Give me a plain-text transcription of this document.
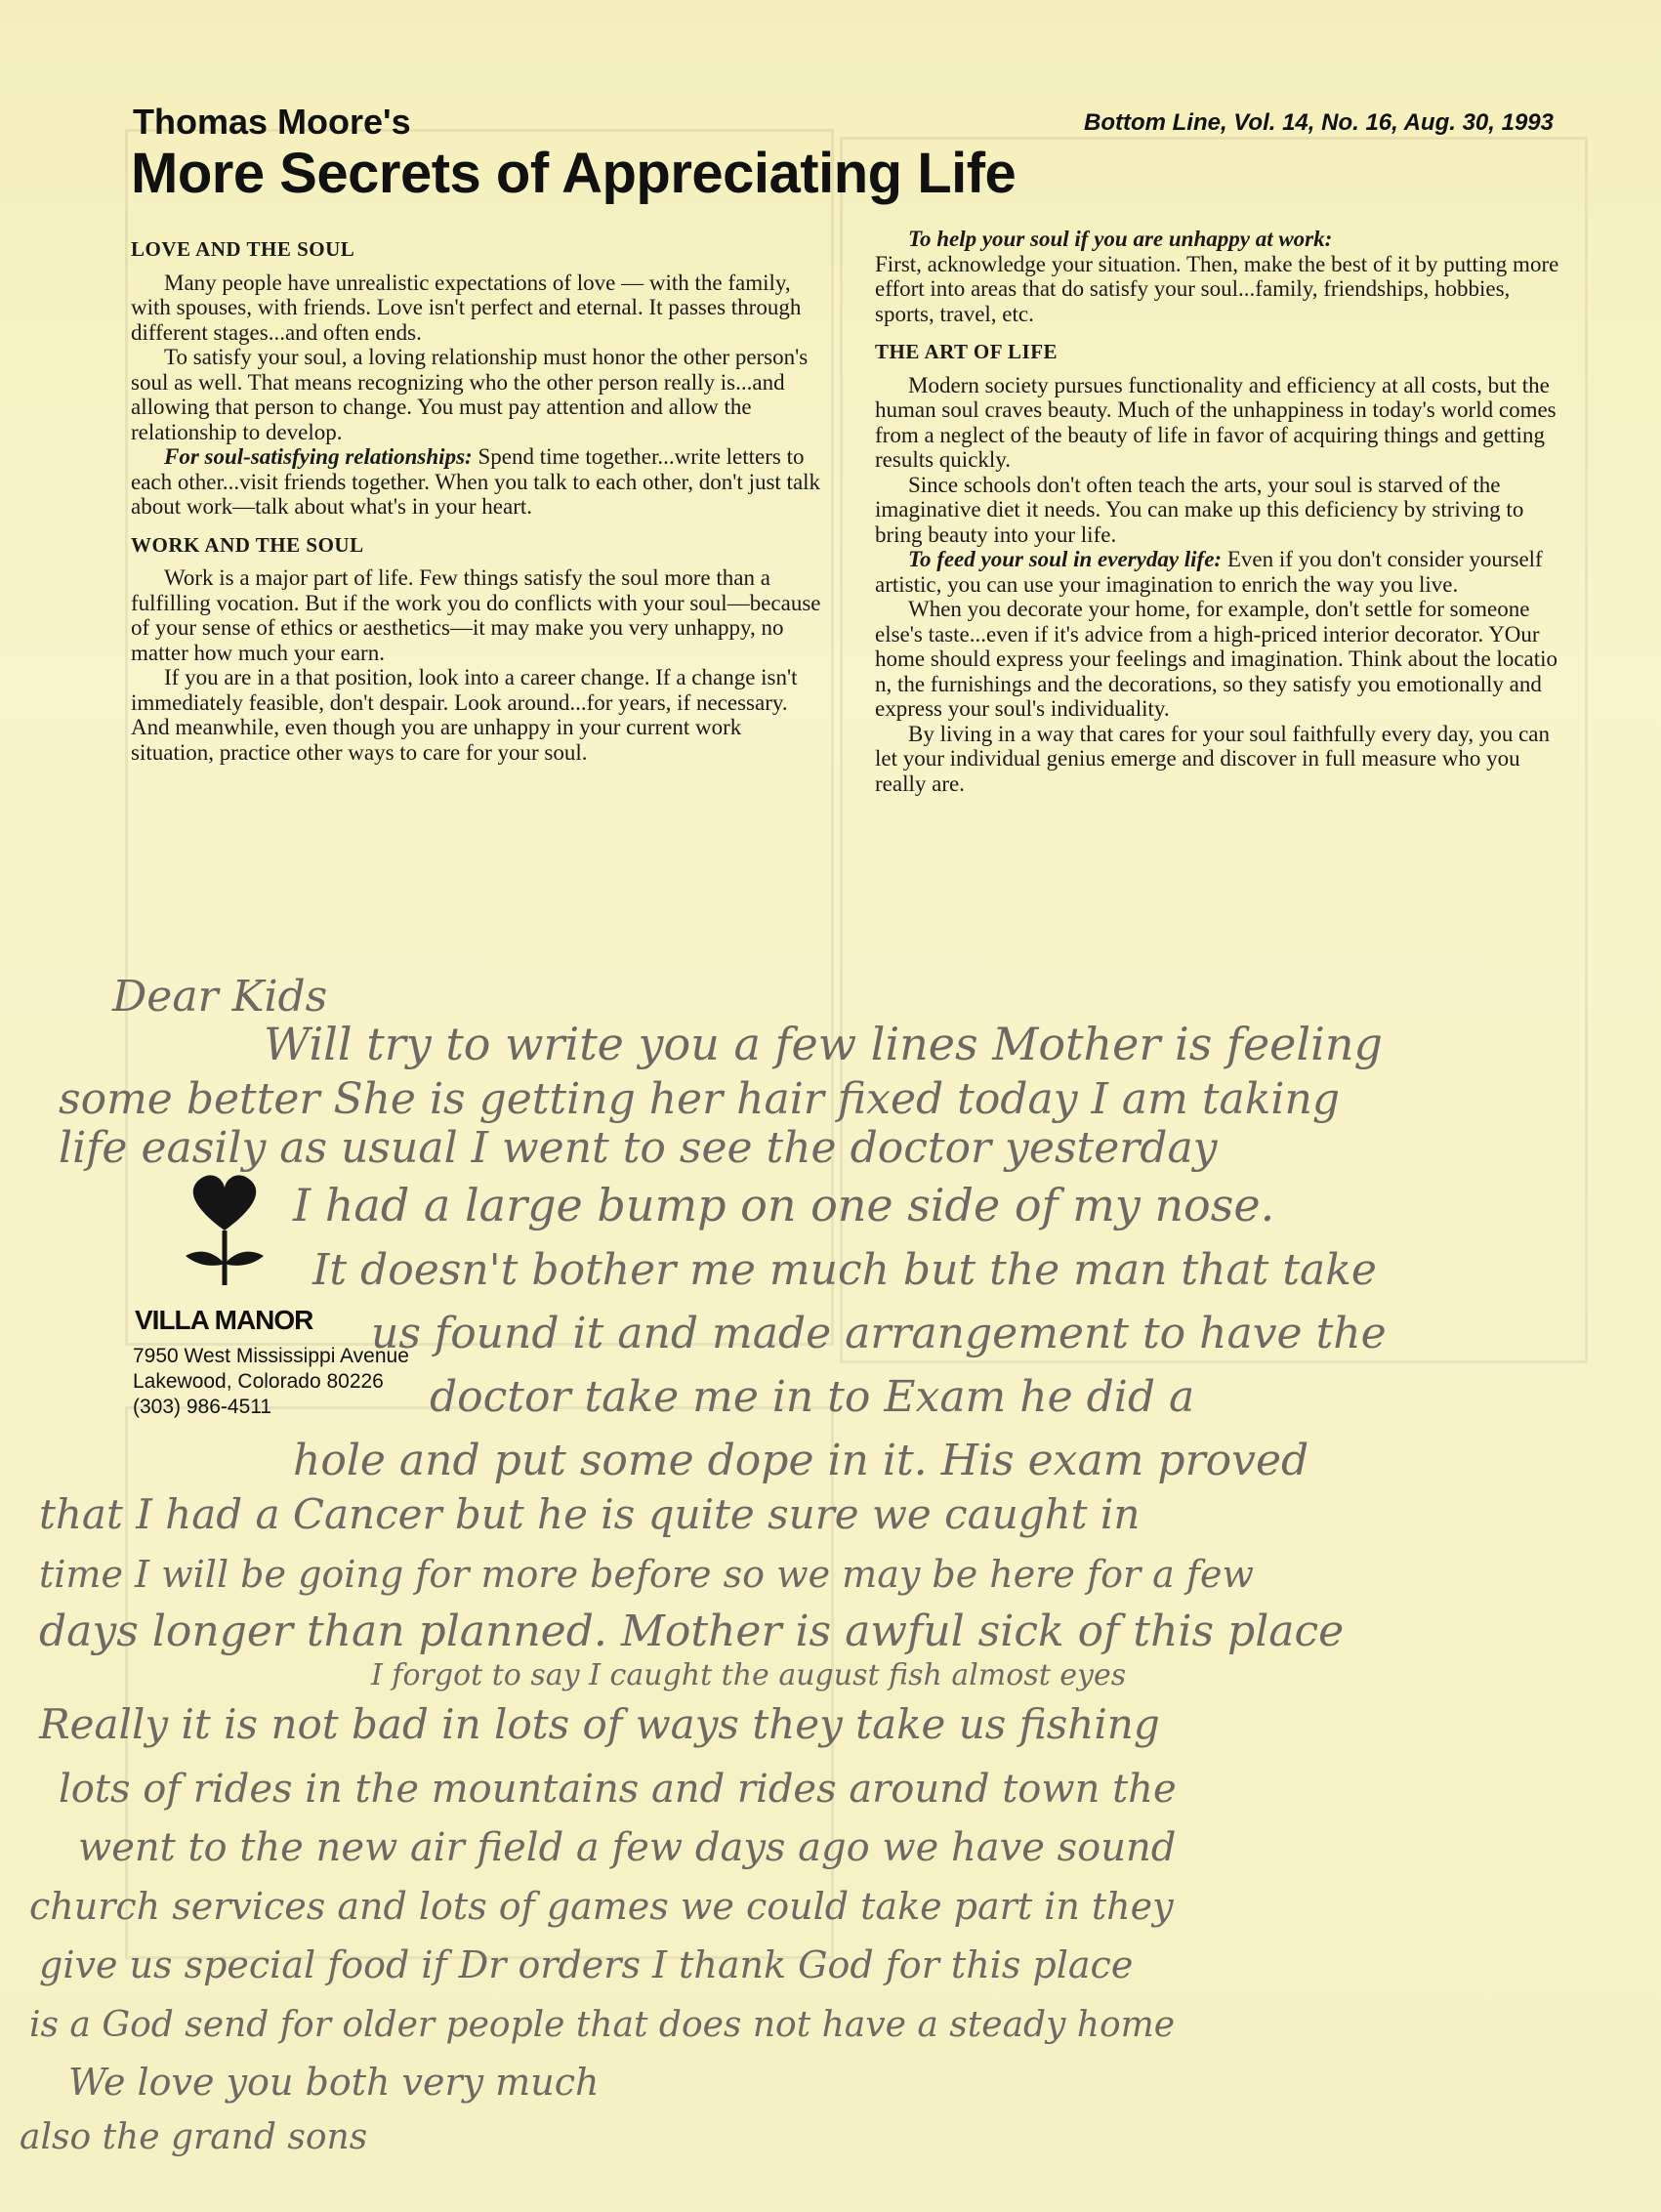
Thomas Moore's	Bottom Line, Vol. 14, No. 16, Aug. 30, 1993
More Secrets of Appreciating Life
LOVE AND THE SOUL

Many people have unrealistic expectations of love — with the family, with spouses, with friends. Love isn't perfect and eternal. It passes through different stages...and often ends.

To satisfy your soul, a loving relationship must honor the other person's soul as well. That means recognizing who the other person really is...and allowing that person to change. You must pay attention and allow the relationship to develop.

For soul-satisfying relationships: Spend time together...write letters to each other...visit friends together. When you talk to each other, don't just talk about work—talk about what's in your heart.

WORK AND THE SOUL

Work is a major part of life. Few things satisfy the soul more than a fulfilling vocation. But if the work you do conflicts with your soul—because of your sense of ethics or aesthetics—it may make you very unhappy, no matter how much your earn.

If you are in a that position, look into a career change. If a change isn't immediately feasible, don't despair. Look around...for years, if necessary. And meanwhile, even though you are unhappy in your current work situation, practice other ways to care for your soul.

To help your soul if you are unhappy at work:

First, acknowledge your situation. Then, make the best of it by putting more effort into areas that do satisfy your soul...family, friendships, hobbies, sports, travel, etc.

THE ART OF LIFE

Modern society pursues functionality and efficiency at all costs, but the human soul craves beauty. Much of the unhappiness in today's world comes from a neglect of the beauty of life in favor of acquiring things and getting results quickly.

Since schools don't often teach the arts, your soul is starved of the imaginative diet it needs. You can make up this deficiency by striving to bring beauty into your life.

To feed your soul in everyday life: Even if you don't consider yourself artistic, you can use your imagination to enrich the way you live.

When you decorate your home, for example, don't settle for someone else's taste...even if it's advice from a high-priced interior decorator. YOur home should express your feelings and imagination. Think about the locatio n, the furnishings and the decorations, so they satisfy you emotionally and express your soul's individuality.

By living in a way that cares for your soul faithfully every day, you can let your individual genius emerge and discover in full measure who you really are.

VILLA MANOR
7950 West Mississippi Avenue
Lakewood, Colorado 80226
(303) 986-4511
Dear Kids
Will try to write you a few lines Mother is feeling
some better She is getting her hair fixed today I am taking
life easily as usual I went to see the doctor yesterday
I had a large bump on one side of my nose.
It doesn't bother me much but the man that take
us found it and made arrangement to have the
doctor take me in to Exam he did a
hole and put some dope in it. His exam proved
that I had a Cancer but he is quite sure we caught in
time I will be going for more before so we may be here for a few
days longer than planned. Mother is awful sick of this place
I forgot to say I caught the august fish almost eyes
Really it is not bad in lots of ways they take us fishing
lots of rides in the mountains and rides around town the
went to the new air field a few days ago we have sound
church services and lots of games we could take part in they
give us special food if Dr orders I thank God for this place
is a God send for older people that does not have a steady home
We love you both very much
also the grand sons
